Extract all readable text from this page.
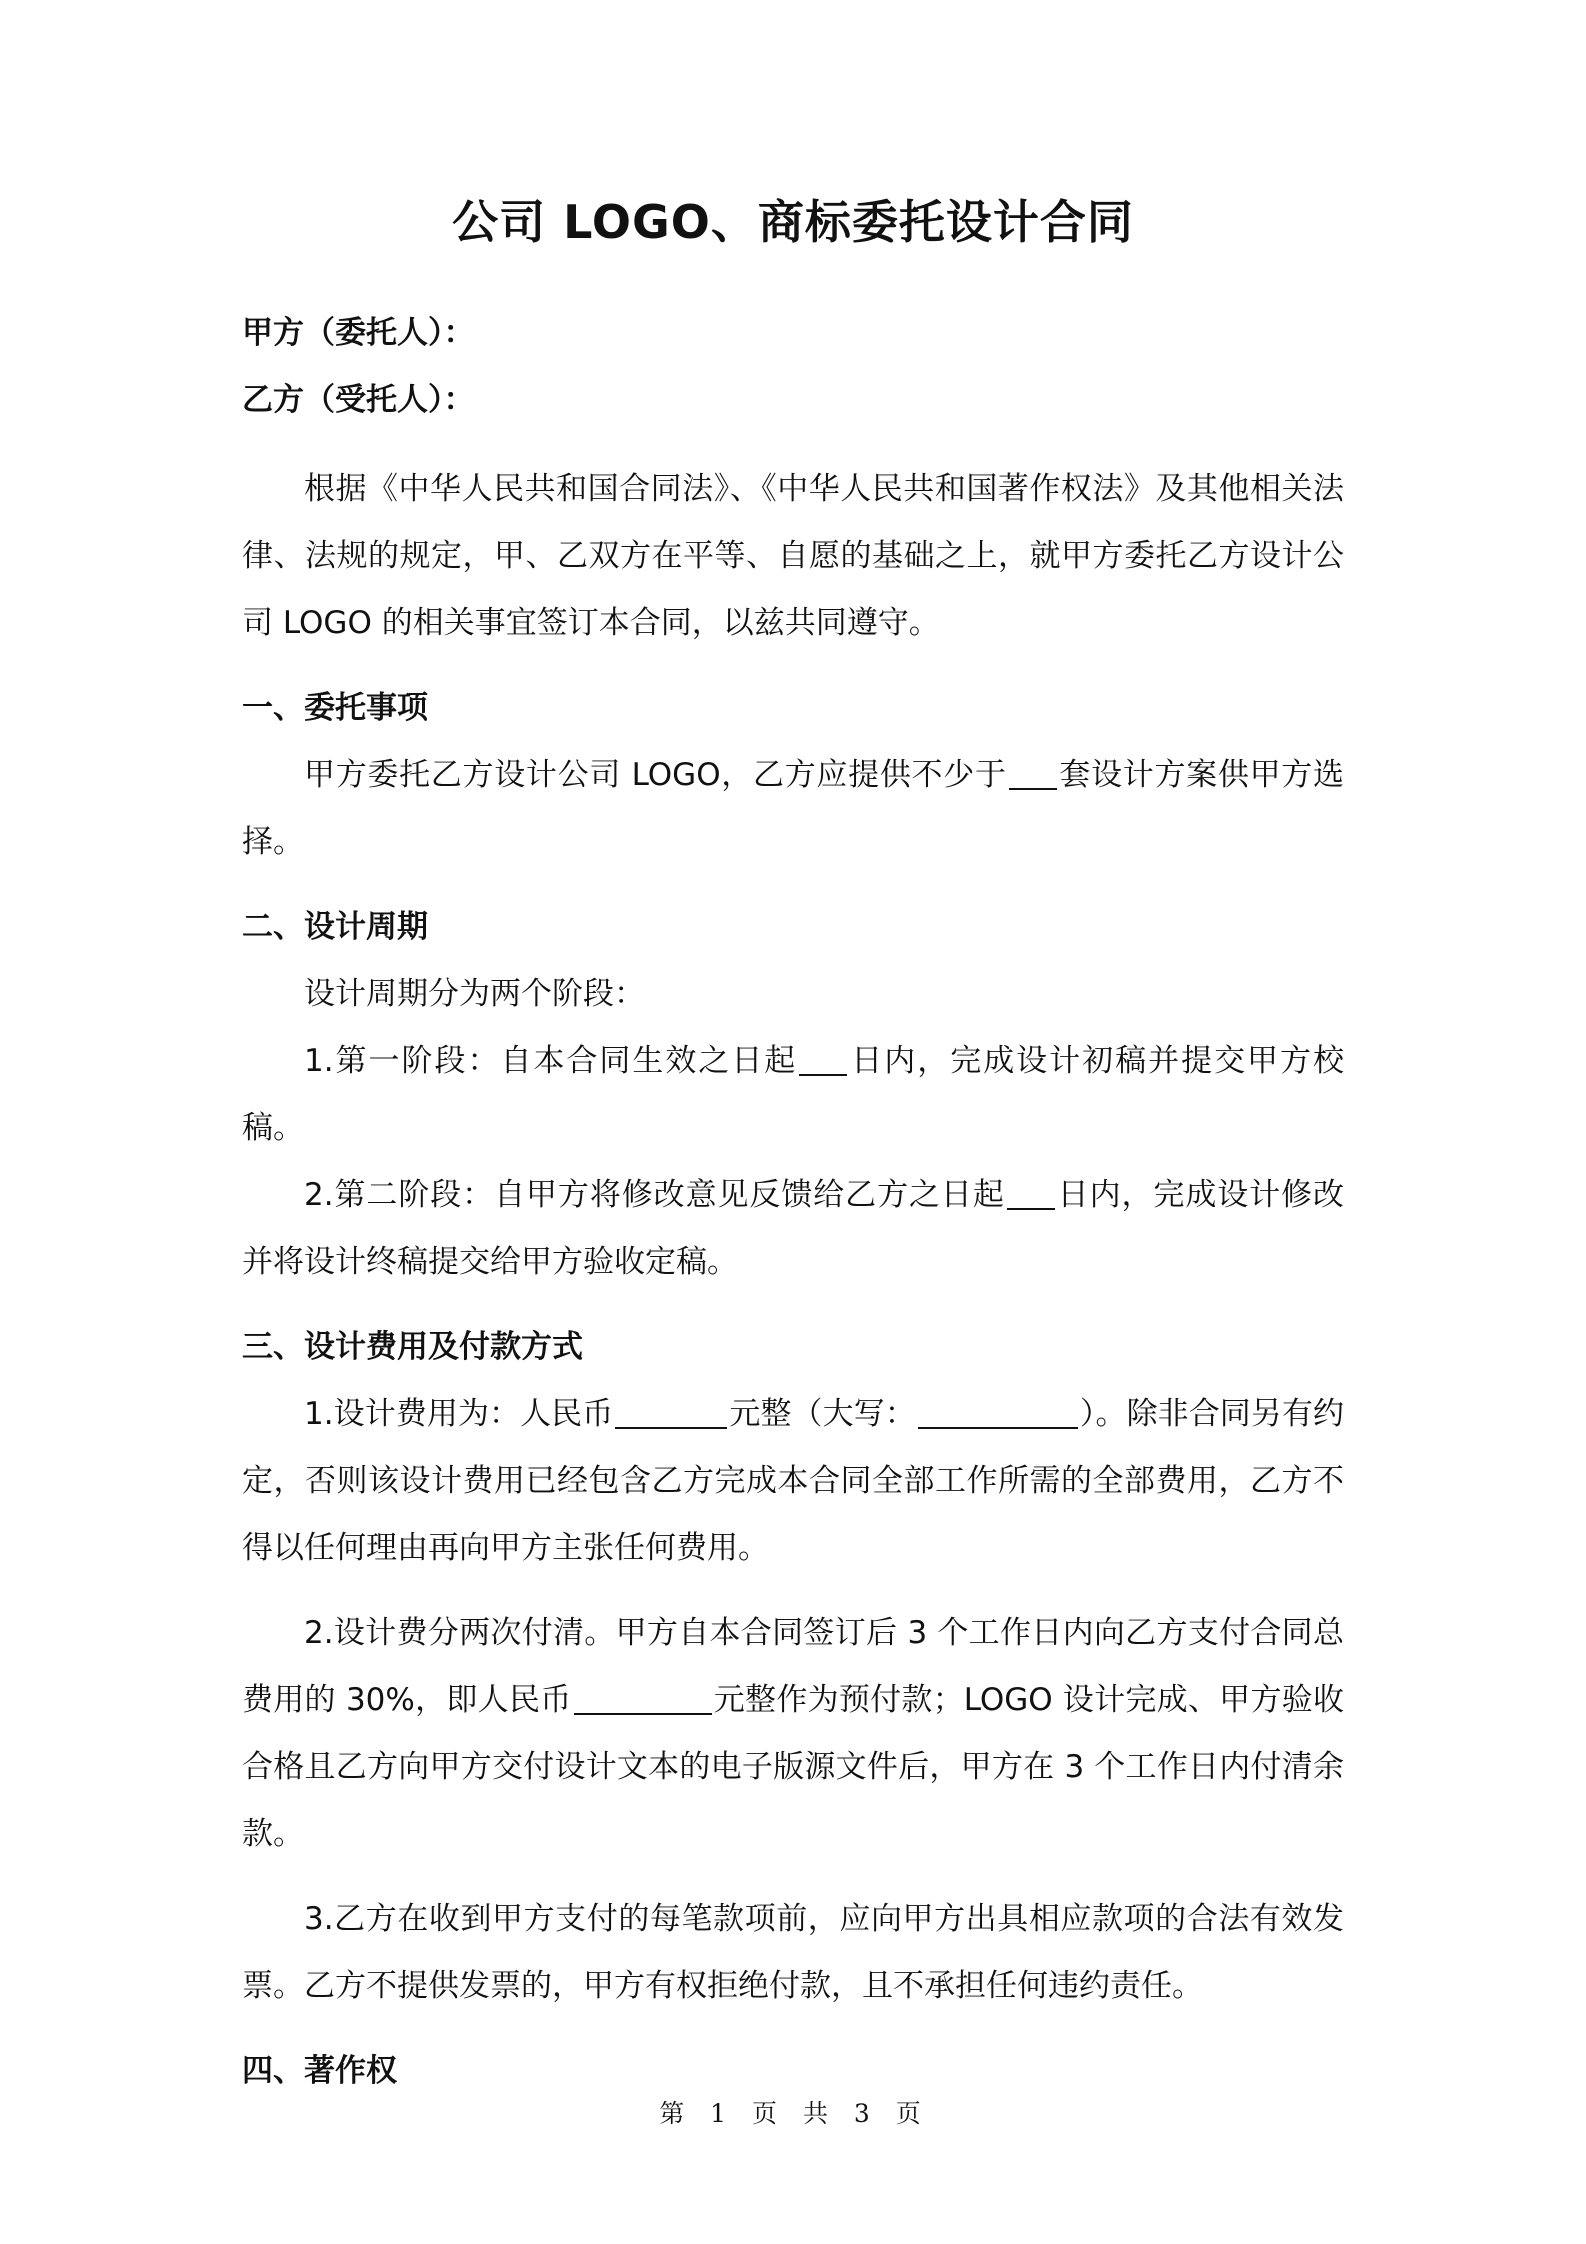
公司 LOGO、商标委托设计合同

甲方（委托人）：

乙方（受托人）：

根据《中华人民共和国合同法》、《中华人民共和国著作权法》及其他相关法律、法规的规定，甲、乙双方在平等、自愿的基础之上，就甲方委托乙方设计公司 LOGO 的相关事宜签订本合同，以兹共同遵守。

一、委托事项

甲方委托乙方设计公司 LOGO，乙方应提供不少于 套设计方案供甲方选择。

二、设计周期

设计周期分为两个阶段：

1.第一阶段：自本合同生效之日起 日内，完成设计初稿并提交甲方校稿。

2.第二阶段：自甲方将修改意见反馈给乙方之日起 日内，完成设计修改并将设计终稿提交给甲方验收定稿。

三、设计费用及付款方式

1.设计费用为：人民币	元整（大写：	）。除非合同另有约定，否则该设计费用已经包含乙方完成本合同全部工作所需的全部费用，乙方不得以任何理由再向甲方主张任何费用。

2.设计费分两次付清。甲方自本合同签订后 3 个工作日内向乙方支付合同总费用的 30%，即人民币	元整作为预付款；LOGO 设计完成、甲方验收合格且乙方向甲方交付设计文本的电子版源文件后，甲方在 3 个工作日内付清余款。

3.乙方在收到甲方支付的每笔款项前，应向甲方出具相应款项的合法有效发票。乙方不提供发票的，甲方有权拒绝付款，且不承担任何违约责任。

四、著作权

第 1 页 共 3 页
